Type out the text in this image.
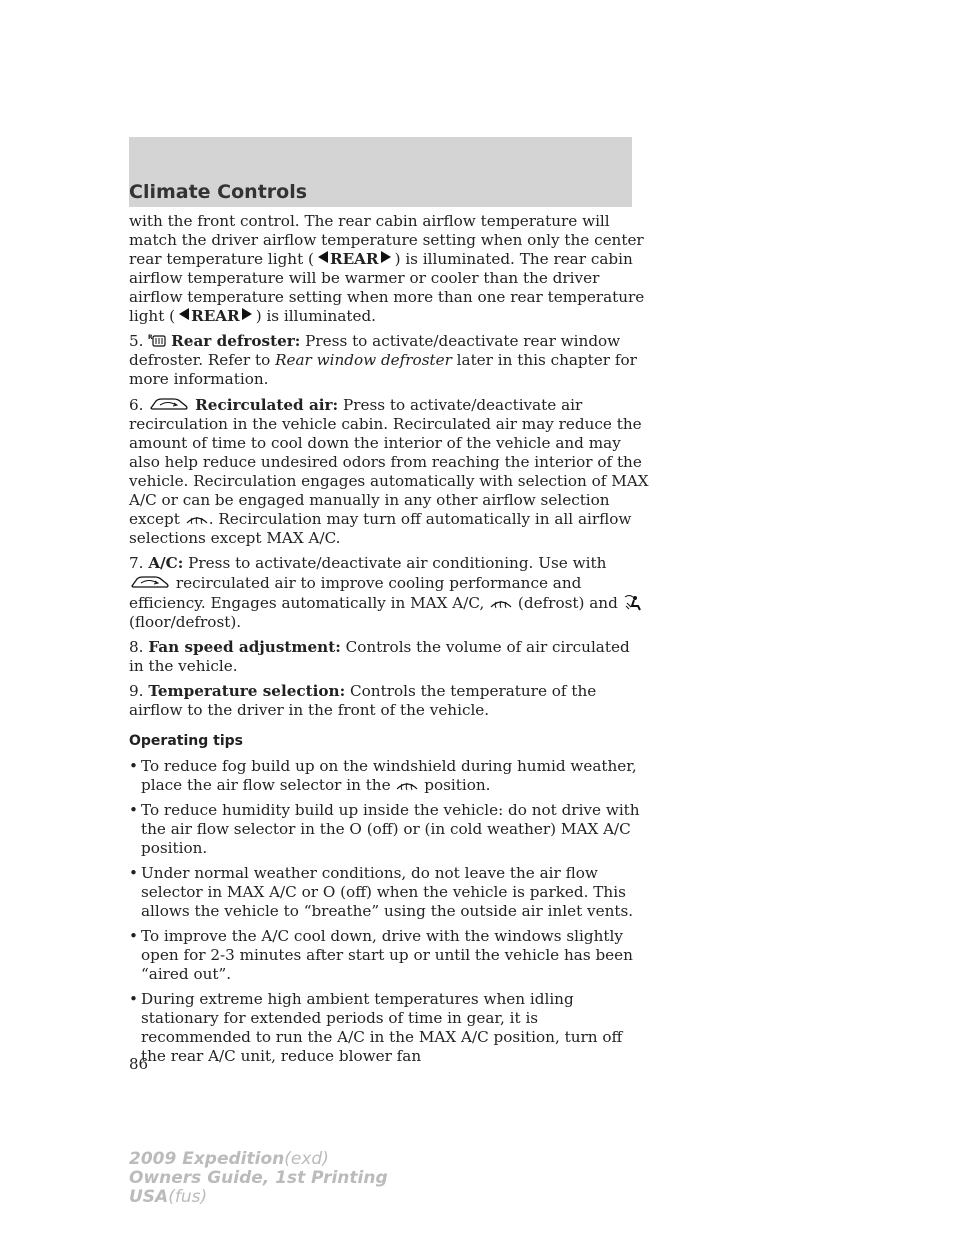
Climate Controls

with the front control. The rear cabin airflow temperature will match the driver airflow temperature setting when only the center rear temperature light ( REAR ) is illuminated. The rear cabin airflow temperature will be warmer or cooler than the driver airflow temperature setting when more than one rear temperature light ( REAR ) is illuminated.

5. R Rear defroster: Press to activate/deactivate rear window defroster. Refer to Rear window defroster later in this chapter for more information.

6.	Recirculated air: Press to activate/deactivate air recirculation in the vehicle cabin. Recirculated air may reduce the amount of time to cool down the interior of the vehicle and may also help reduce undesired odors from reaching the interior of the vehicle. Recirculation engages automatically with selection of MAX A/C or can be engaged manually in any other airflow selection except . Recirculation may turn off automatically in all airflow selections except MAX A/C.

7. A/C: Press to activate/deactivate air conditioning. Use with  recirculated air to improve cooling performance and efficiency. Engages automatically in MAX A/C,  (defrost) and  (floor/defrost).

8. Fan speed adjustment: Controls the volume of air circulated in the vehicle.

9. Temperature selection: Controls the temperature of the airflow to the driver in the front of the vehicle.

Operating tips
• To reduce fog build up on the windshield during humid weather, place the air flow selector in the  position.
• To reduce humidity build up inside the vehicle: do not drive with the air flow selector in the O (off) or (in cold weather) MAX A/C position.
• Under normal weather conditions, do not leave the air flow selector in MAX A/C or O (off) when the vehicle is parked. This allows the vehicle to “breathe” using the outside air inlet vents.
• To improve the A/C cool down, drive with the windows slightly open for 2-3 minutes after start up or until the vehicle has been “aired out”.
• During extreme high ambient temperatures when idling stationary for extended periods of time in gear, it is recommended to run the A/C in the MAX A/C position, turn off the rear A/C unit, reduce blower fan
86
2009 Expedition(exd)
Owners Guide, 1st Printing
USA(fus)
